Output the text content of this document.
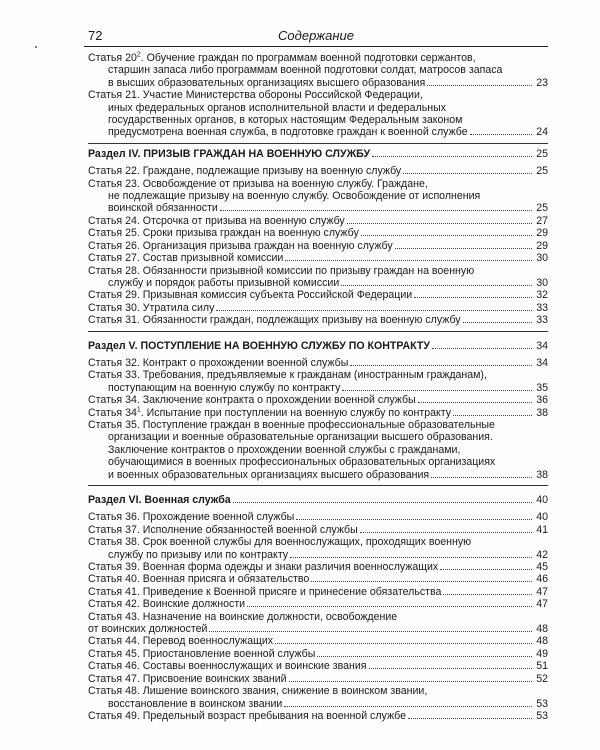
72	Содержание
Статья $20^2$. Обучение граждан по программам военной подготовки сержантов,
старшин запаса либо программам военной подготовки солдат, матросов запаса
в высших образовательных организациях высшего образования	23
Статья 21. Участие Министерства обороны Российской Федерации,
иных федеральных органов исполнительной власти и федеральных
государственных органов, в которых настоящим Федеральным законом
предусмотрена военная служба, в подготовке граждан к военной службе	24
Раздел IV. ПРИЗЫВ ГРАЖДАН НА ВОЕННУЮ СЛУЖБУ	25
Статья 22. Граждане, подлежащие призыву на военную службу	25
Статья 23. Освобождение от призыва на военную службу. Граждане,
не подлежащие призыву на военную службу. Освобождение от исполнения
воинской обязанности	25
Статья 24. Отсрочка от призыва на военную службу	27
Статья 25. Сроки призыва граждан на военную службу	29
Статья 26. Организация призыва граждан на военную службу	29
Статья 27. Состав призывной комиссии	30
Статья 28. Обязанности призывной комиссии по призыву граждан на военную
службу и порядок работы призывной комиссии	30
Статья 29. Призывная комиссия субъекта Российской Федерации	32
Статья 30. Утратила силу	33
Статья 31. Обязанности граждан, подлежащих призыву на военную службу	33
Раздел V. ПОСТУПЛЕНИЕ НА ВОЕННУЮ СЛУЖБУ ПО КОНТРАКТУ	34
Статья 32. Контракт о прохождении военной службы	34
Статья 33. Требования, предъявляемые к гражданам (иностранным гражданам),
поступающим на военную службу по контракту	35
Статья 34. Заключение контракта о прохождении военной службы	36
Статья $34^1$. Испытание при поступлении на военную службу по контракту	38
Статья 35. Поступление граждан в военные профессиональные образовательные
организации и военные образовательные организации высшего образования.
Заключение контрактов о прохождении военной службы с гражданами,
обучающимися в военных профессиональных образовательных организациях
и военных образовательных организациях высшего образования	38
Раздел VI. Военная служба	40
Статья 36. Прохождение военной службы	40
Статья 37. Исполнение обязанностей военной службы	41
Статья 38. Срок военной службы для военнослужащих, проходящих военную
службу по призыву или по контракту	42
Статья 39. Военная форма одежды и знаки различия военнослужащих	45
Статья 40. Военная присяга и обязательство	46
Статья 41. Приведение к Военной присяге и принесение обязательства	47
Статья 42. Воинские должности	47
Статья 43. Назначение на воинские должности, освобождение
от воинских должностей	48
Статья 44. Перевод военнослужащих	48
Статья 45. Приостановление военной службы	49
Статья 46. Составы военнослужащих и воинские звания	51
Статья 47. Присвоение воинских званий	52
Статья 48. Лишение воинского звания, снижение в воинском звании,
восстановление в воинском звании	53
Статья 49. Предельный возраст пребывания на военной службе	53
